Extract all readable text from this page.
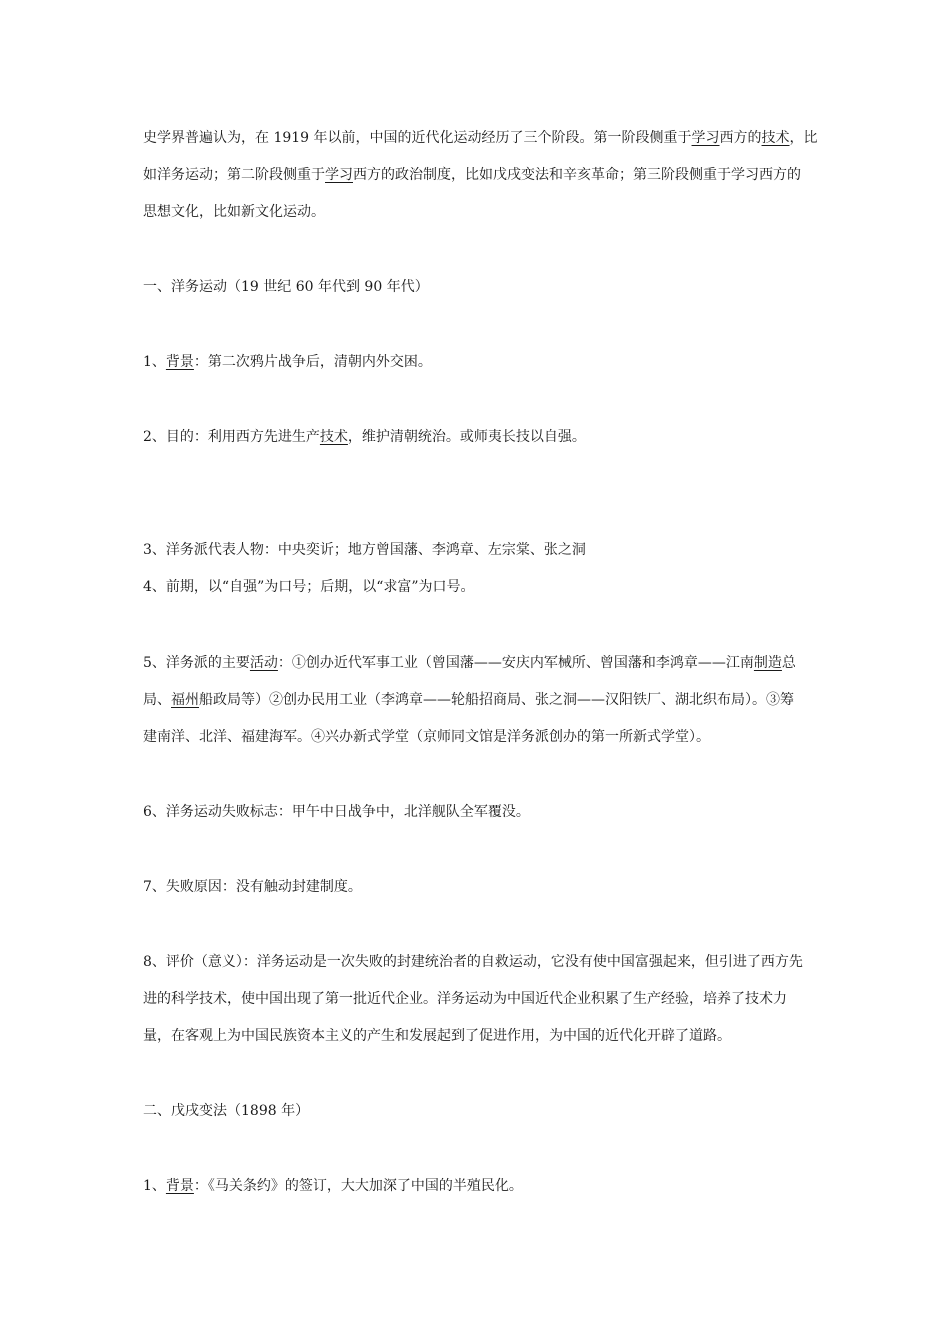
史学界普遍认为，在 1919 年以前，中国的近代化运动经历了三个阶段。第一阶段侧重于学习西方的技术，比
如洋务运动；第二阶段侧重于学习西方的政治制度，比如戊戌变法和辛亥革命；第三阶段侧重于学习西方的
思想文化，比如新文化运动。
一、洋务运动（19 世纪 60 年代到 90 年代）
1、背景：第二次鸦片战争后，清朝内外交困。
2、目的：利用西方先进生产技术，维护清朝统治。或师夷长技以自强。
3、洋务派代表人物：中央奕䜣；地方曾国藩、李鸿章、左宗棠、张之洞
4、前期，以“自强”为口号；后期，以“求富”为口号。
5、洋务派的主要活动：①创办近代军事工业（曾国藩——安庆内军械所、曾国藩和李鸿章——江南制造总
局、福州船政局等）②创办民用工业（李鸿章——轮船招商局、张之洞——汉阳铁厂、湖北织布局）。③筹
建南洋、北洋、福建海军。④兴办新式学堂（京师同文馆是洋务派创办的第一所新式学堂）。
6、洋务运动失败标志：甲午中日战争中，北洋舰队全军覆没。
7、失败原因：没有触动封建制度。
8、评价（意义）：洋务运动是一次失败的封建统治者的自救运动，它没有使中国富强起来，但引进了西方先
进的科学技术，使中国出现了第一批近代企业。洋务运动为中国近代企业积累了生产经验，培养了技术力
量，在客观上为中国民族资本主义的产生和发展起到了促进作用，为中国的近代化开辟了道路。
二、戊戌变法（1898 年）
1、背景：《马关条约》的签订，大大加深了中国的半殖民化。
